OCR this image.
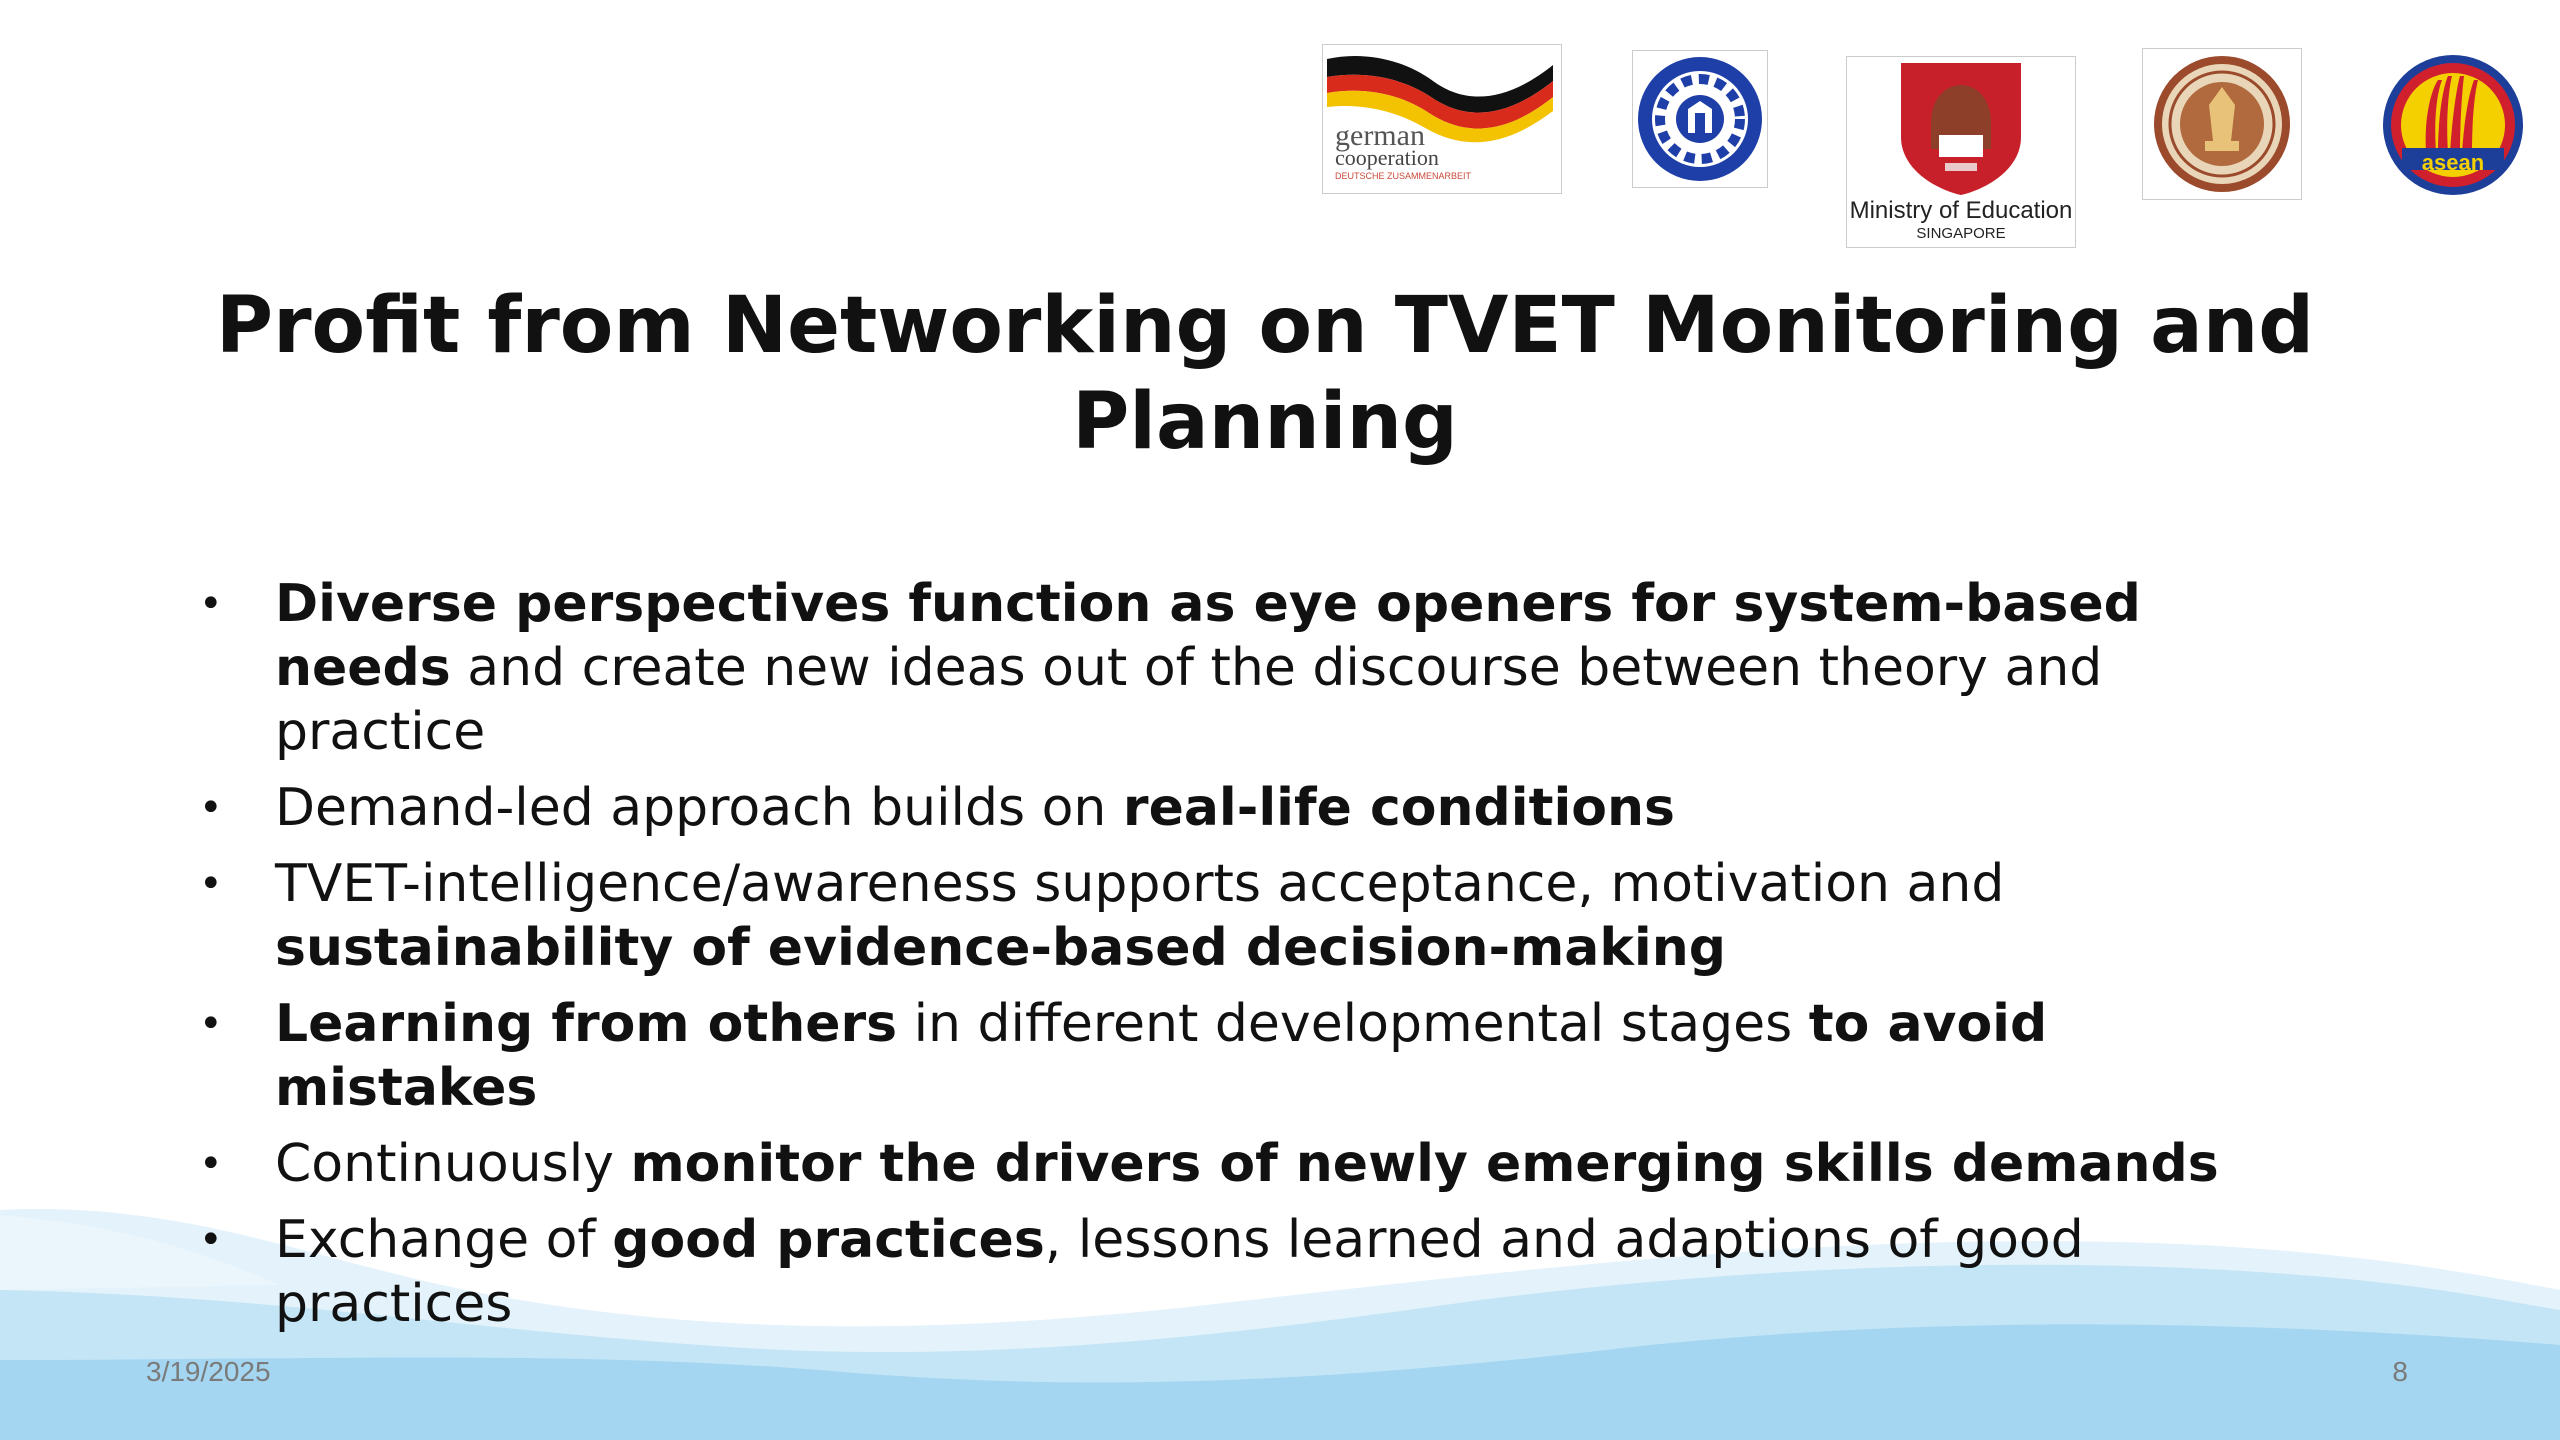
german
cooperation
DEUTSCHE ZUSAMMENARBEIT
Ministry of Education
SINGAPORE
asean
Profit from Networking on TVET Monitoring and Planning
• Diverse perspectives function as eye openers for system-based needs and create new ideas out of the discourse between theory and practice
• Demand-led approach builds on real-life conditions
• TVET-intelligence/awareness supports acceptance, motivation and sustainability of evidence-based decision-making
• Learning from others in different developmental stages to avoid mistakes
• Continuously monitor the drivers of newly emerging skills demands
• Exchange of good practices, lessons learned and adaptions of good practices
3/19/2025	8
